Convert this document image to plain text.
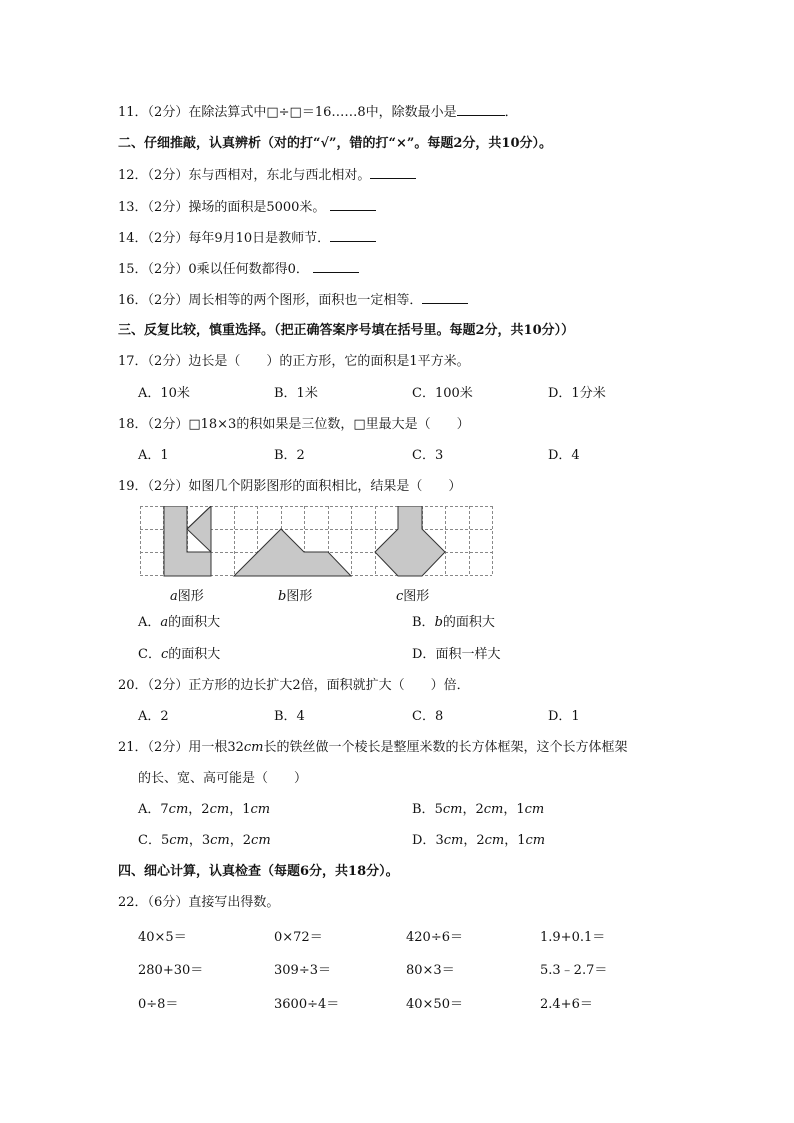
11．（2分）在除法算式中□÷□＝16……8中，除数最小是	．
二、仔细推敲，认真辨析（对的打“√”，错的打“×”。每题2分，共10分）。
12．（2分）东与西相对，东北与西北相对。
13．（2分）操场的面积是5000米。
14．（2分）每年9月10日是教师节．
15．（2分）0乘以任何数都得0．
16．（2分）周长相等的两个图形，面积也一定相等．
三、反复比较，慎重选择。（把正确答案序号填在括号里。每题2分，共10分））
17．（2分）边长是（　　）的正方形，它的面积是1平方米。
A．10米	B．1米	C．100米	D．1分米
18．（2分）□18×3的积如果是三位数，□里最大是（　　）
A．1	B．2	C．3	D．4
19．（2分）如图几个阴影图形的面积相比，结果是（　　）
a图形	b图形	c图形
A．a的面积大	B．b的面积大
C．c的面积大	D．面积一样大
20．（2分）正方形的边长扩大2倍，面积就扩大（　　）倍．
A．2	B．4	C．8	D．1
21．（2分）用一根32cm长的铁丝做一个棱长是整厘米数的长方体框架，这个长方体框架
的长、宽、高可能是（　　）
A．7cm，2cm，1cm	B．5cm，2cm，1cm
C．5cm，3cm，2cm	D．3cm，2cm，1cm
四、细心计算，认真检查（每题6分，共18分）。
22．（6分）直接写出得数。
40×5＝	0×72＝	420÷6＝	1.9+0.1＝
280+30＝	309÷3＝	80×3＝	5.3﹣2.7＝
0÷8＝	3600÷4＝	40×50＝	2.4+6＝
